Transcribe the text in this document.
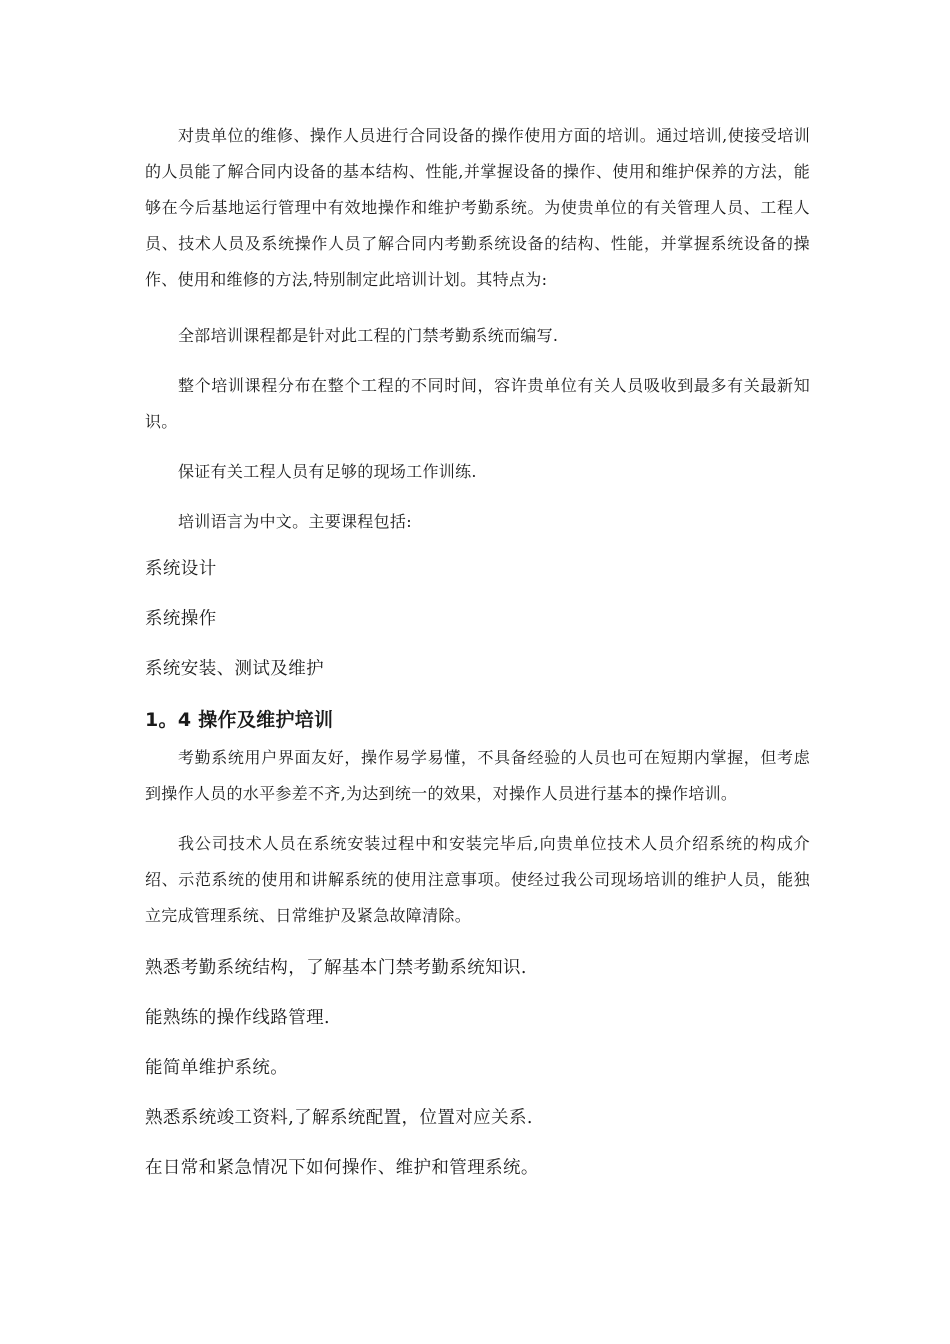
对贵单位的维修、操作人员进行合同设备的操作使用方面的培训。通过培训,使接受培训的人员能了解合同内设备的基本结构、性能,并掌握设备的操作、使用和维护保养的方法，能够在今后基地运行管理中有效地操作和维护考勤系统。为使贵单位的有关管理人员、工程人员、技术人员及系统操作人员了解合同内考勤系统设备的结构、性能，并掌握系统设备的操作、使用和维修的方法,特别制定此培训计划。其特点为:

全部培训课程都是针对此工程的门禁考勤系统而编写.

整个培训课程分布在整个工程的不同时间，容许贵单位有关人员吸收到最多有关最新知识。

保证有关工程人员有足够的现场工作训练.

培训语言为中文。主要课程包括:

系统设计

系统操作

系统安装、测试及维护

1。4 操作及维护培训

考勤系统用户界面友好，操作易学易懂，不具备经验的人员也可在短期内掌握，但考虑到操作人员的水平参差不齐,为达到统一的效果，对操作人员进行基本的操作培训。

我公司技术人员在系统安装过程中和安装完毕后,向贵单位技术人员介绍系统的构成介绍、示范系统的使用和讲解系统的使用注意事项。使经过我公司现场培训的维护人员，能独立完成管理系统、日常维护及紧急故障清除。

熟悉考勤系统结构，了解基本门禁考勤系统知识.

能熟练的操作线路管理.

能简单维护系统。

熟悉系统竣工资料,了解系统配置，位置对应关系.

在日常和紧急情况下如何操作、维护和管理系统。
